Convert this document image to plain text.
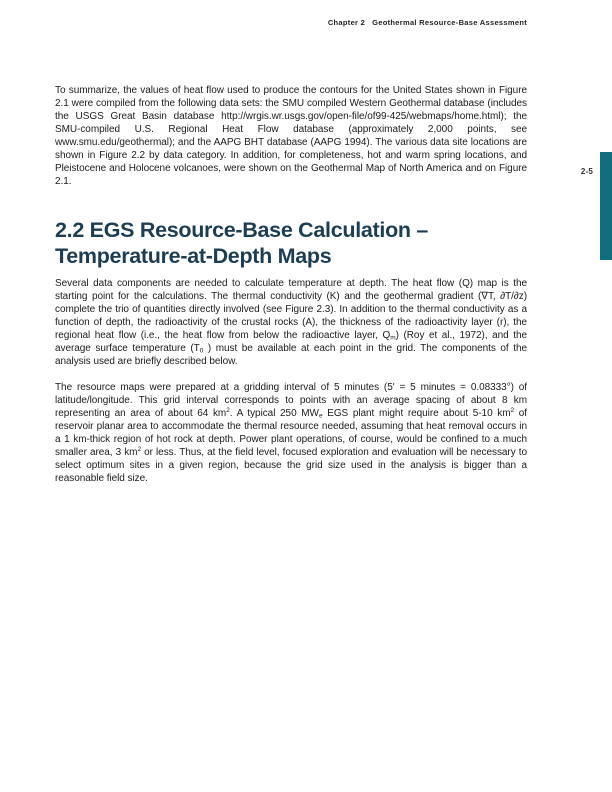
Chapter 2 Geothermal Resource-Base Assessment
2-5

To summarize, the values of heat flow used to produce the contours for the United States shown in Figure 2.1 were compiled from the following data sets: the SMU compiled Western Geothermal database (includes the USGS Great Basin database http://wrgis.wr.usgs.gov/open-file/of99-425/webmaps/home.html); the SMU-compiled U.S. Regional Heat Flow database (approximately 2,000 points, see www.smu.edu/geothermal); and the AAPG BHT database (AAPG 1994). The various data site locations are shown in Figure 2.2 by data category. In addition, for completeness, hot and warm spring locations, and Pleistocene and Holocene volcanoes, were shown on the Geothermal Map of North America and on Figure 2.1.

2.2 EGS Resource-Base Calculation –
Temperature-at-Depth Maps

Several data components are needed to calculate temperature at depth. The heat flow (Q) map is the starting point for the calculations. The thermal conductivity (K) and the geothermal gradient (∇T, ∂T/∂z) complete the trio of quantities directly involved (see Figure 2.3). In addition to the thermal conductivity as a function of depth, the radioactivity of the crustal rocks (A), the thickness of the radioactivity layer (r), the regional heat flow (i.e., the heat flow from below the radioactive layer, $Q_m$) (Roy et al., 1972), and the average surface temperature ($T_0$ ) must be available at each point in the grid. The components of the analysis used are briefly described below.

The resource maps were prepared at a gridding interval of 5 minutes (5' = 5 minutes = 0.08333°) of latitude/longitude. This grid interval corresponds to points with an average spacing of about 8 km representing an area of about 64 $km^2$. A typical 250 $MW_e$ EGS plant might require about 5-10 $km^2$ of reservoir planar area to accommodate the thermal resource needed, assuming that heat removal occurs in a 1 km-thick region of hot rock at depth. Power plant operations, of course, would be confined to a much smaller area, 3 $km^2$ or less. Thus, at the field level, focused exploration and evaluation will be necessary to select optimum sites in a given region, because the grid size used in the analysis is bigger than a reasonable field size.
